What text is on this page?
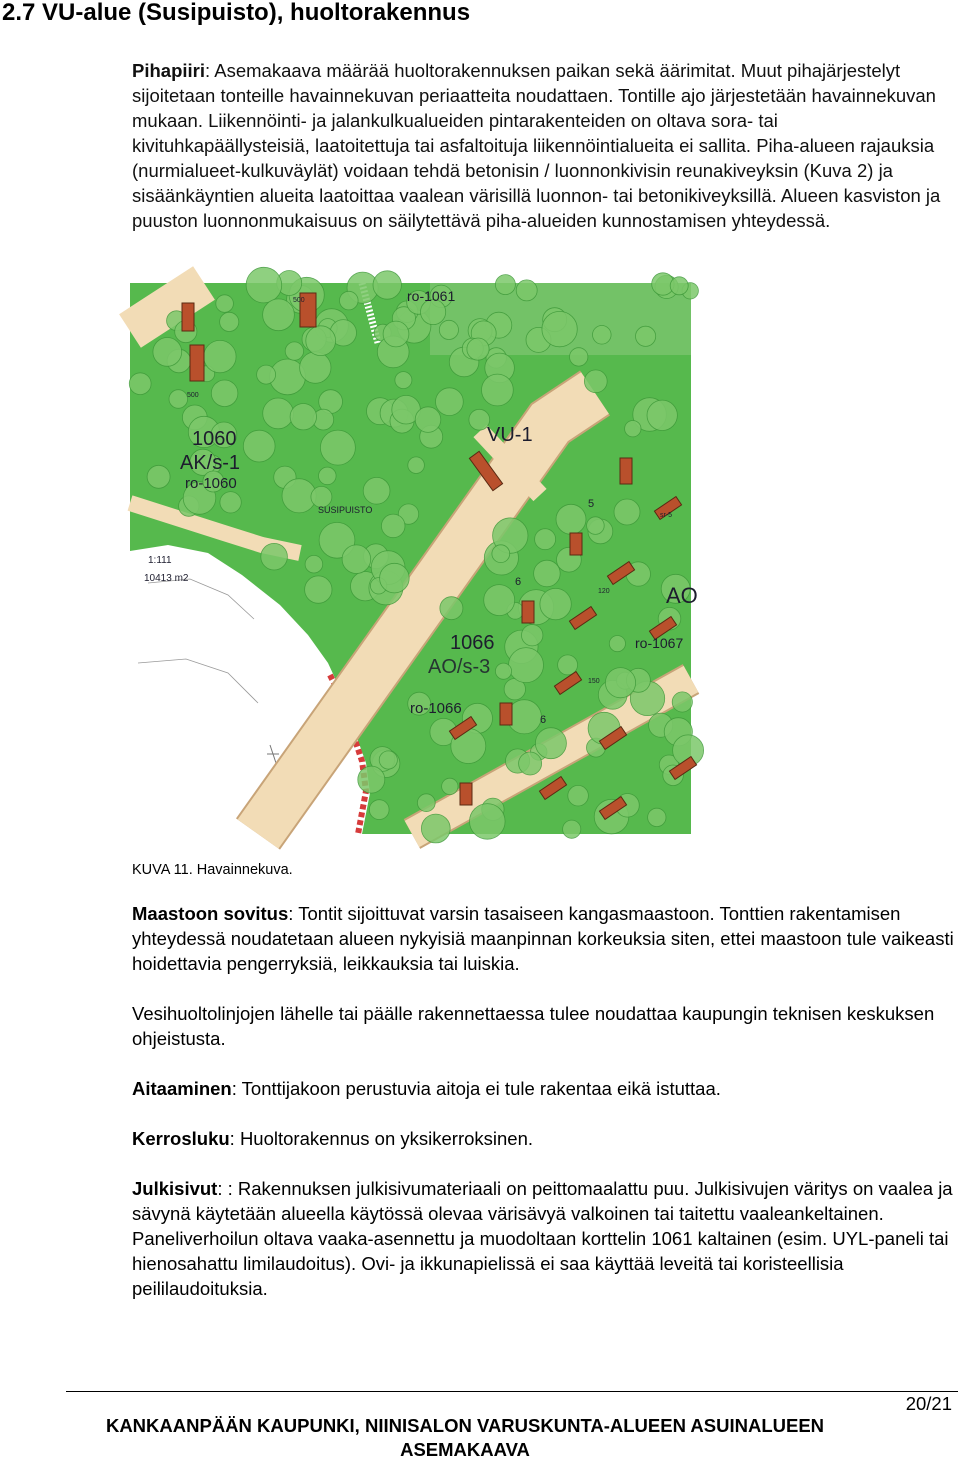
2.7 VU-alue (Susipuisto), huoltorakennus

Pihapiiri: Asemakaava määrää huoltorakennuksen paikan sekä äärimitat. Muut pihajärjestelyt sijoitetaan tonteille havainnekuvan periaatteita noudattaen. Tontille ajo järjestetään havainnekuvan mukaan. Liikennöinti- ja jalankulkualueiden pintarakenteiden on oltava sora- tai kivituhkapäällysteisiä, laatoitettuja tai asfaltoituja liikennöintialueita ei sallita. Piha-alueen rajauksia (nurmialueet-kulkuväylät) voidaan tehdä betonisin / luonnonkivisin reunakiveyksin (Kuva 2) ja sisäänkäyntien alueita laatoittaa vaalean värisillä luonnon- tai betonikiveyksillä. Alueen kasviston ja puuston luonnonmukaisuus on säilytettävä piha-alueiden kunnostamisen yhteydessä.

ro-1061
500
500
1060
AK/s-1
ro-1060
VU-1
SUSIPUISTO
1:111
10413 m2
1066
AO/s-3
ro-1066
ro-1067
AO
5
6
6
sr-5
120
150

KUVA 11. Havainnekuva.

Maastoon sovitus: Tontit sijoittuvat varsin tasaiseen kangasmaastoon. Tonttien rakentamisen yhteydessä noudatetaan alueen nykyisiä maanpinnan korkeuksia siten, ettei maastoon tule vaikeasti hoidettavia pengerryksiä, leikkauksia tai luiskia.

Vesihuoltolinjojen lähelle tai päälle rakennettaessa tulee noudattaa kaupungin teknisen keskuksen ohjeistusta.

Aitaaminen: Tonttijakoon perustuvia aitoja ei tule rakentaa eikä istuttaa.

Kerrosluku: Huoltorakennus on yksikerroksinen.

Julkisivut: : Rakennuksen julkisivumateriaali on peittomaalattu puu. Julkisivujen väritys on vaalea ja sävynä käytetään alueella käytössä olevaa värisävyä valkoinen tai taitettu vaaleankeltainen. Paneliverhoilun oltava vaaka-asennettu ja muodoltaan korttelin 1061 kaltainen (esim. UYL-paneli tai hienosahattu limilaudoitus). Ovi- ja ikkunapielissä ei saa käyttää leveitä tai koristeellisia peililaudoituksia.

20/21

KANKAANPÄÄN KAUPUNKI, NIINISALON VARUSKUNTA-ALUEEN ASUINALUEEN ASEMAKAAVA
